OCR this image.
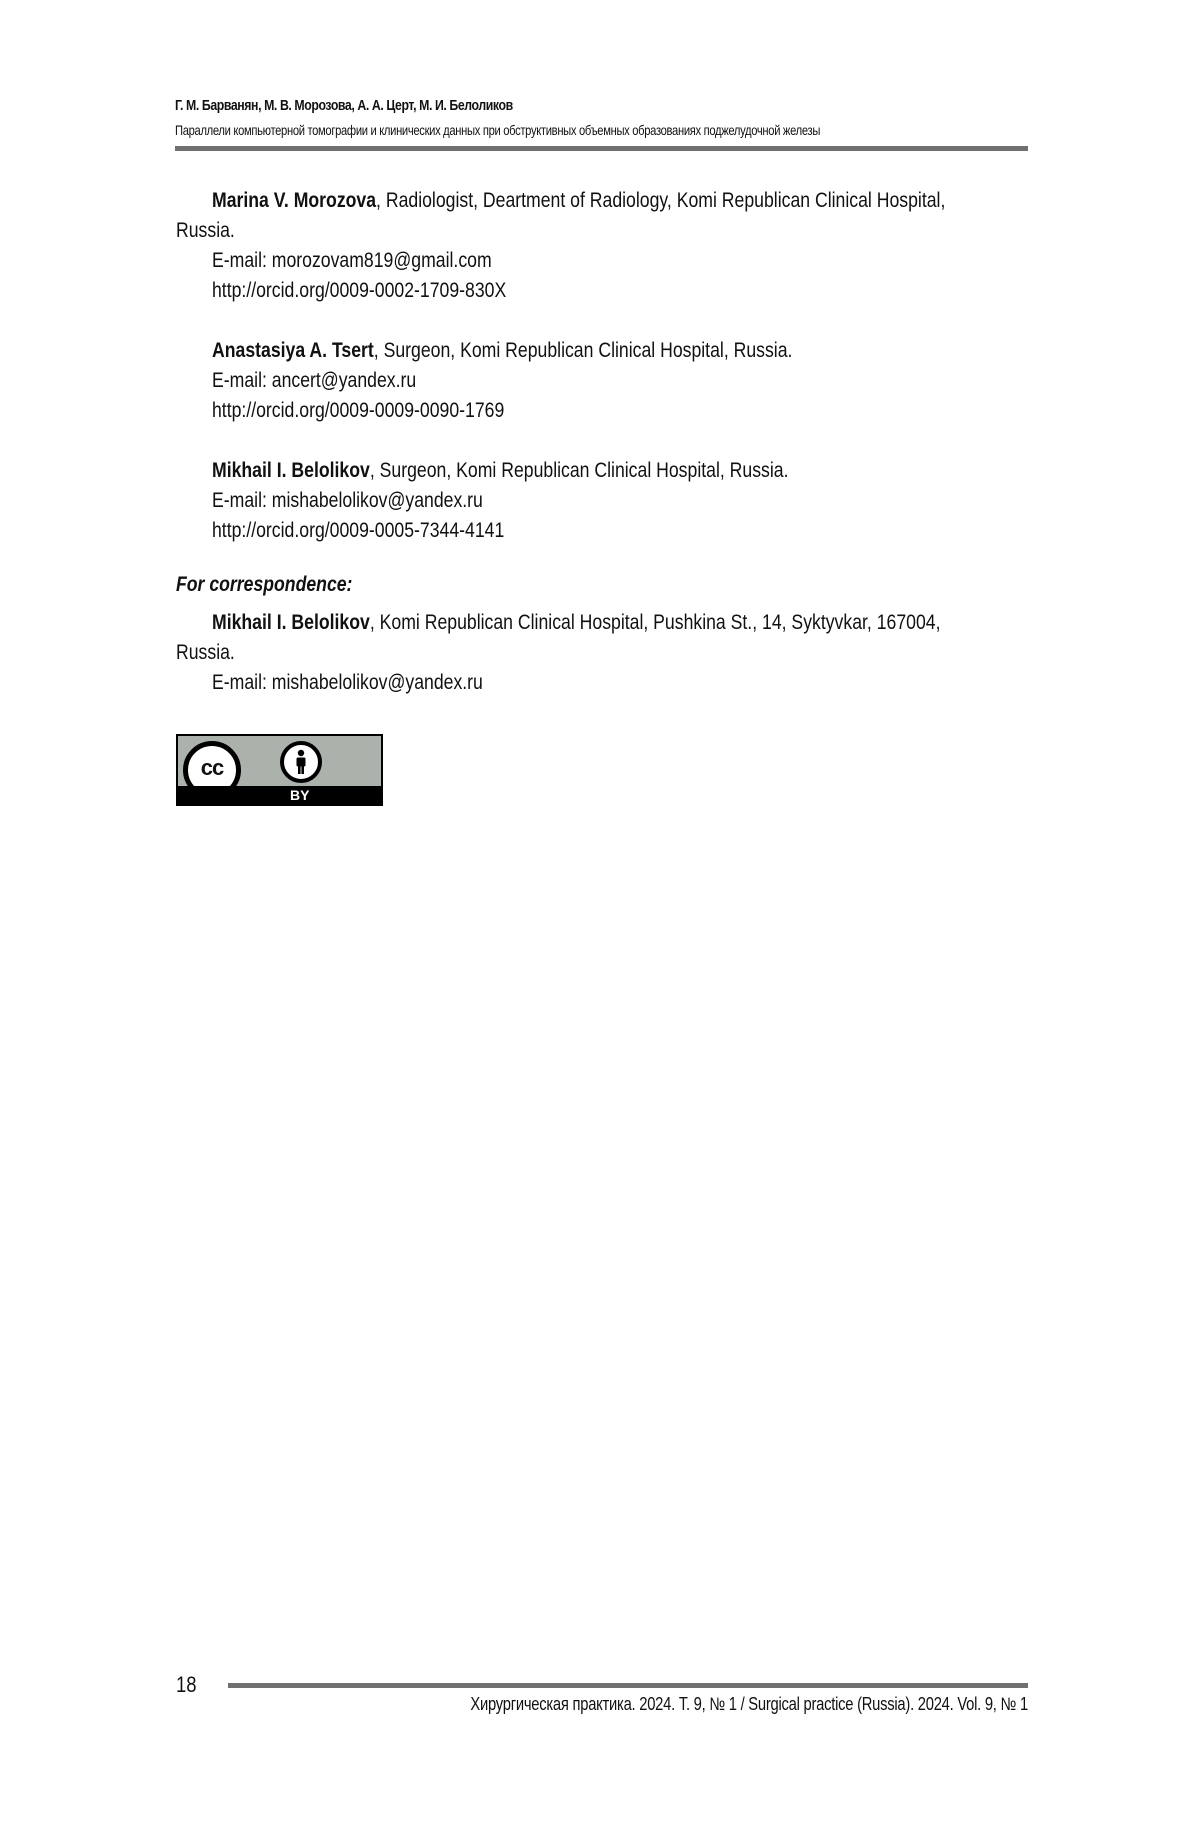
Г. М. Барванян, М. В. Морозова, А. А. Церт, М. И. Белоликов
Параллели компьютерной томографии и клинических данных при обструктивных объемных образованиях поджелудочной железы
Marina V. Morozova, Radiologist, Deartment of Radiology, Komi Republican Clinical Hospital,
Russia.
E-mail: morozovam819@gmail.com
http://orcid.org/0009-0002-1709-830X
Anastasiya A. Tsert, Surgeon, Komi Republican Clinical Hospital, Russia.
E-mail: ancert@yandex.ru
http://orcid.org/0009-0009-0090-1769
Mikhail I. Belolikov, Surgeon, Komi Republican Clinical Hospital, Russia.
E-mail: mishabelolikov@yandex.ru
http://orcid.org/0009-0005-7344-4141
For correspondence:
Mikhail I. Belolikov, Komi Republican Clinical Hospital, Pushkina St., 14, Syktyvkar, 167004,
Russia.
E-mail: mishabelolikov@yandex.ru
cc
BY
18
Хирургическая практика. 2024. Т. 9, № 1 / Surgical practice (Russia). 2024. Vol. 9, № 1
